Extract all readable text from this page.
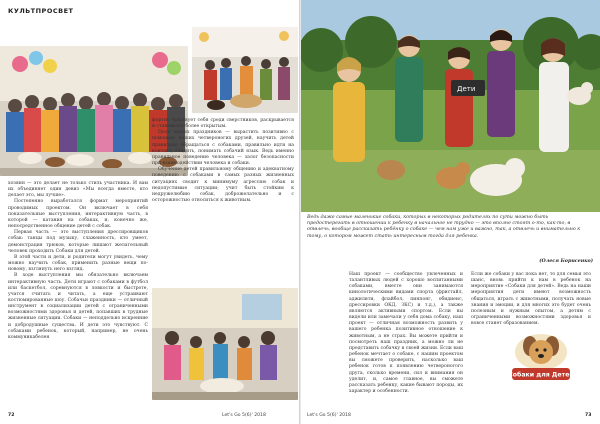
КУЛЬТПРОСВЕТ

хозяин — это делает не только стиль участника. И вам их объединяет один девиз «Мы всегда вместе, кто делает это, мы лучше».

Постепенно выработался формат мероприятий проводимых проектом. Он включает в себя показательные выступления, интерактивную часть, в которой — катания на собаках, и, конечно же, непосредственное общение детей с собак.

Первая часть — это выступления дрессировщиков собак: танцы под музыку, слаженность, кто умеет, демонстрация трюков, которые лишают желательный человек проходить Собаки для детей.

В этой части и дети, и родители могут увидеть, чему можно научить собак, применить разные вещи по-новому, взглянуть него взгляд.

В ходе выступления мы обязательно включаем интерактивную часть. Дети играют с собаками в футбол или баскетбол, соревнуются в ловкости и быстроте, учатся считать и читать, а еще устраивают костюмированные шоу. Собачьи праздники — отличный инструмент в социализации детей с ограниченными возможностями здоровья и детей, попавших в трудные жизненные ситуации. Собаки — неподдельно искренние и добродушные существа. И дети это чувствуют. С собаками ребенок, который, например, не очень коммуникабелен

фортно чувствует себя среди сверстников, раскрывается и становится более открытым.

Цель наших праздников — вырастить позитивно с помощью наших четвероногих друзей, научить детей правильно обращаться с собаками, правильно идти на контакт, гладить, понимать собачий язык. Ведь именно правильное поведение человека — залог безопасности при взаимодействии человека и собаки.

Обучение детей правильному общению и адекватному поведению с собаками в самых разных жизненных ситуациях сводит к минимуму агрессию собак и недопустимые ситуации; учит быть стойким к недружелюбию собак, доброжелательно и с осторожностью относиться к животным.

72	Let's Go 5(6)' 2018
Дети
Ведь даже самые маленькие собаки, которых в некоторых родителях по сути можно быть предостерегать в отношении к ребенку в начальное не трудно — это вполне стоят о-то, как-то, в отвлечь, вообще рассказать ребёнку о собаке — чем нам уже и важно, так, а отвлечь и внимательно к тому, о котором может стать интересным тогда для ребенка.
(Олеся Борисенко)

Наш проект — сообщество увлеченных и талантливых людей с хорошо воспитанными собаками, вместе они занимаются кинологическими видами спорта (фристайл, аджилити, флайбол, пинпонг, обидиенс, дрессировки ОКД, ЗКС) и т.д.), а также являются активными спортом. Если вы видели или замечали у себя дома собаку, наш проект — отличная возможность развить у вашего ребенка позитивное отношение к животным, а не страх. Вы можете прийти и посмотреть наш праздник, а можно ли не представить собачку в своей жизни. Если ваш ребенок мечтает о собаке, с нашим проектом вы сможете проверить, насколько ваш ребенок готов к появлению четвероногого друга, сколько времени, сил и внимания он уделит, и, самое главное, вы сможете рассказать ребенку, какие бывают породы, их характер и особенности.

Если же собаки у вас пока нет, то для семьи это шанс, вновь прийти к нам в ребенок на мероприятие «Собаки для детей». Ведь на наши мероприятия дети имеют возможность общаться, играть с животными, получать новые знания и эмоции, и для многих это будет очень полезным и нужным опытом, а детям с ограниченными возможностями здоровья и вовсе станет образованием.

Let's Go 5(6)' 2018	73
Собаки для Детей
